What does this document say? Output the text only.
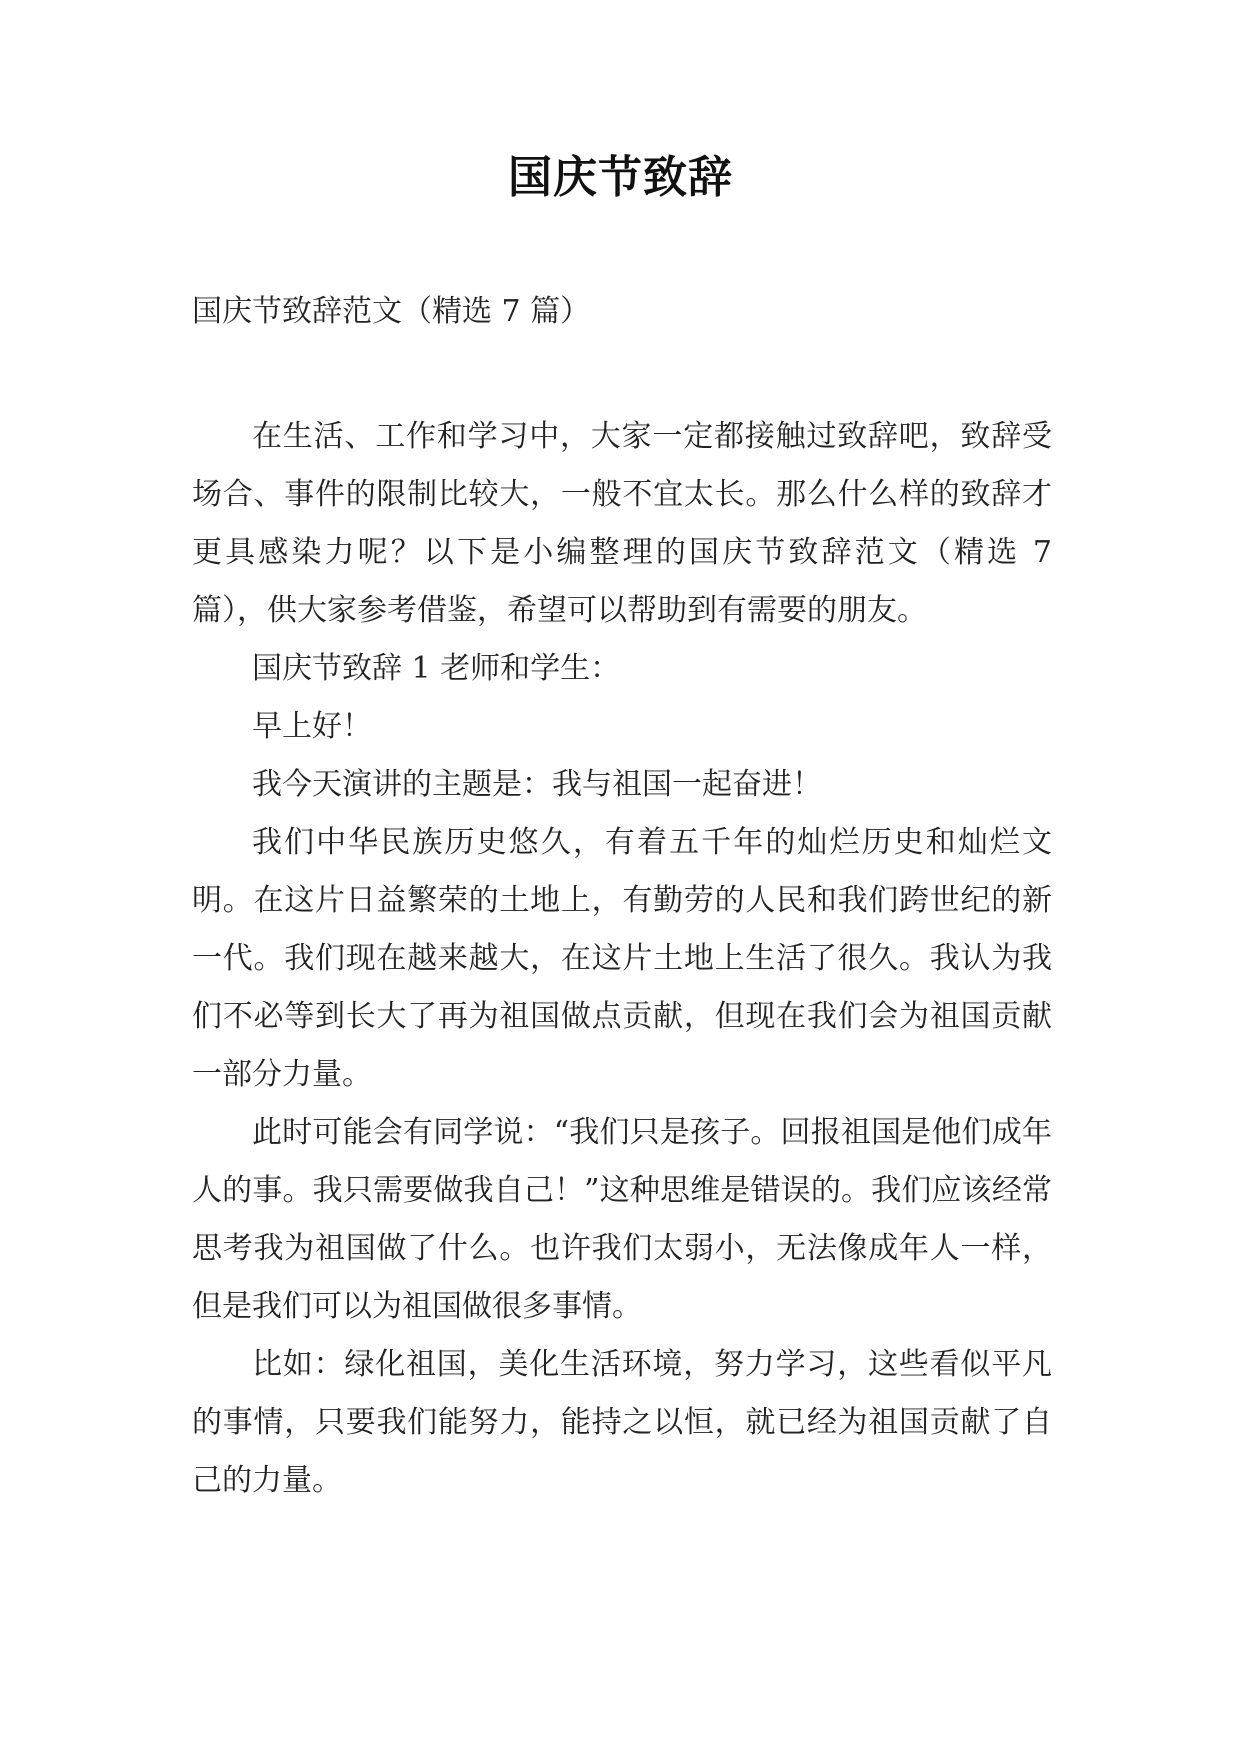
国庆节致辞
国庆节致辞范文（精选 7 篇）

在生活、工作和学习中，大家一定都接触过致辞吧，致辞受场合、事件的限制比较大，一般不宜太长。那么什么样的致辞才更具感染力呢？以下是小编整理的国庆节致辞范文（精选 7 篇），供大家参考借鉴，希望可以帮助到有需要的朋友。

国庆节致辞 1 老师和学生：

早上好！

我今天演讲的主题是：我与祖国一起奋进！

我们中华民族历史悠久，有着五千年的灿烂历史和灿烂文明。在这片日益繁荣的土地上，有勤劳的人民和我们跨世纪的新一代。我们现在越来越大，在这片土地上生活了很久。我认为我们不必等到长大了再为祖国做点贡献，但现在我们会为祖国贡献一部分力量。

此时可能会有同学说：“我们只是孩子。回报祖国是他们成年人的事。我只需要做我自己！”这种思维是错误的。我们应该经常思考我为祖国做了什么。也许我们太弱小，无法像成年人一样，但是我们可以为祖国做很多事情。

比如：绿化祖国，美化生活环境，努力学习，这些看似平凡的事情，只要我们能努力，能持之以恒，就已经为祖国贡献了自己的力量。
